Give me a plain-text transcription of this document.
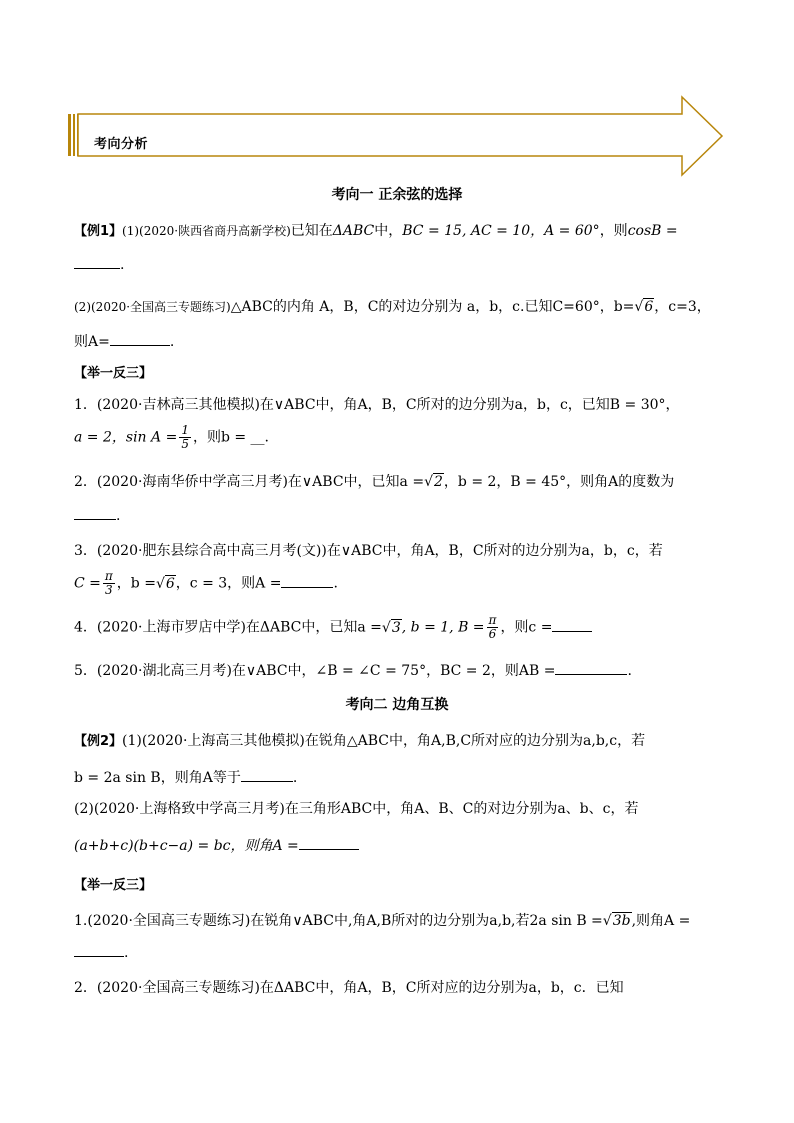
考向分析
考向一 正余弦的选择
【例1】(1)(2020·陕西省商丹高新学校)已知在ΔABC中，BC = 15, AC = 10，A = 60°，则cosB =
.
(2)(2020·全国高三专题练习)△ABC的内角 A，B，C的对边分别为 a，b，c.已知C=60°，b=√6，c=3，
则A=	.
【举一反三】
1．(2020·吉林高三其他模拟)在∨ABC中，角A，B，C所对的边分别为a，b，c，已知B = 30°，
a = 2，$\sin A = \frac{1}{5}$ ，则b = __.
2．(2020·海南华侨中学高三月考)在∨ABC中，已知a =√2，b = 2，B = 45°，则角A的度数为
.
3．(2020·肥东县综合高中高三月考(文))在∨ABC中，角A，B，C所对的边分别为a，b，c，若
$C = \frac{\pi}{3}$ ，b =√6，c = 3，则A =	.
4．(2020·上海市罗店中学)在ΔABC中，已知a =√3, b = 1, $B = \frac{\pi}{6}$ ，则c =
5．(2020·湖北高三月考)在∨ABC中，∠B = ∠C = 75°，BC = 2，则AB =	.
考向二 边角互换
【例2】(1)(2020·上海高三其他模拟)在锐角△ABC中，角A,B,C所对应的边分别为a,b,c，若
b = 2a sin B，则角A等于	.
(2)(2020·上海格致中学高三月考)在三角形ABC中，角A、B、C的对边分别为a、b、c，若
(a+b+c)(b+c−a) = bc，则角A =
【举一反三】
1.(2020·全国高三专题练习)在锐角∨ABC中,角A,B所对的边分别为a,b,若2a sin B =√3b,则角A =
.
2．(2020·全国高三专题练习)在ΔABC中，角A，B，C所对应的边分别为a，b，c．已知
